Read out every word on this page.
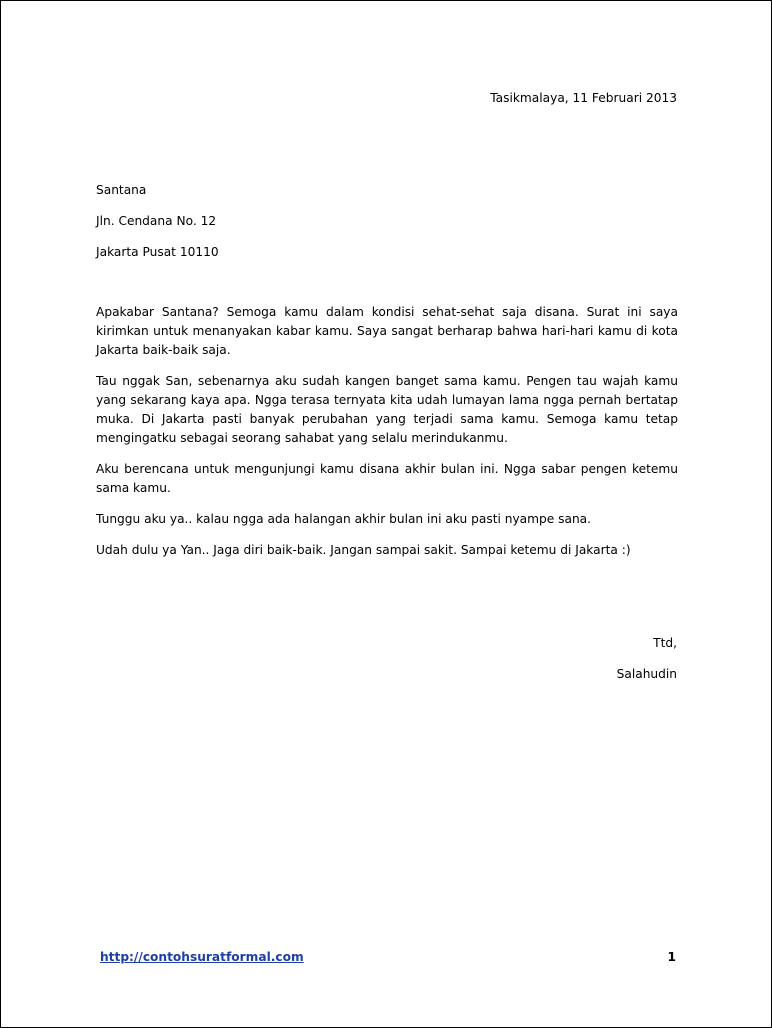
Tasikmalaya, 11 Februari 2013
Santana
Jln. Cendana No. 12
Jakarta Pusat 10110

Apakabar Santana? Semoga kamu dalam kondisi sehat-sehat saja disana. Surat ini saya kirimkan untuk menanyakan kabar kamu. Saya sangat berharap bahwa hari-hari kamu di kota Jakarta baik-baik saja.

Tau nggak San, sebenarnya aku sudah kangen banget sama kamu. Pengen tau wajah kamu yang sekarang kaya apa. Ngga terasa ternyata kita udah lumayan lama ngga pernah bertatap muka. Di Jakarta pasti banyak perubahan yang terjadi sama kamu. Semoga kamu tetap mengingatku sebagai seorang sahabat yang selalu merindukanmu.

Aku berencana untuk mengunjungi kamu disana akhir bulan ini. Ngga sabar pengen ketemu sama kamu.

Tunggu aku ya.. kalau ngga ada halangan akhir bulan ini aku pasti nyampe sana.

Udah dulu ya Yan.. Jaga diri baik-baik. Jangan sampai sakit. Sampai ketemu di Jakarta :)

Ttd,
Salahudin
http://contohsuratformal.com	1
